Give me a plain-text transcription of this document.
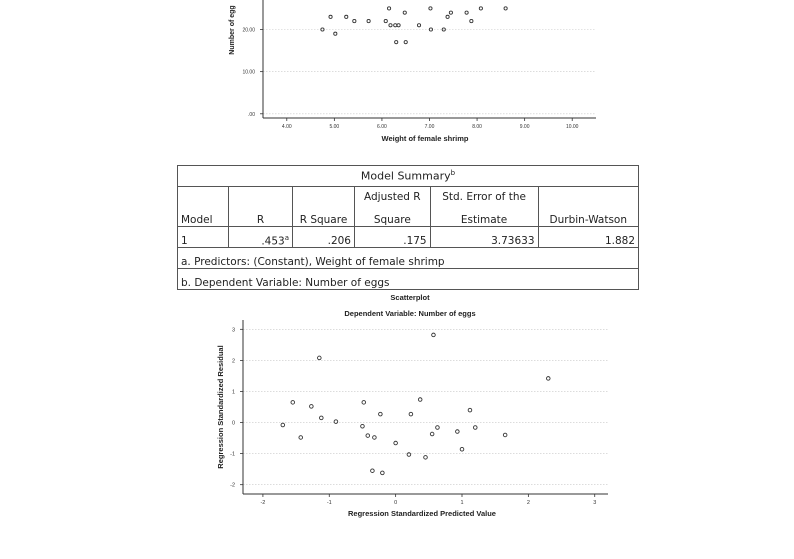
.00
10.00
20.00
4.00	5.00	6.00	7.00	8.00	9.00	10.00
Weight of female shrimp
Number of egg
Model Summary$^b$
Model	R	R Square	Adjusted R	Std. Error of the	Durbin-Watson
			Square	Estimate	
1	.453$^a$	.206	.175	3.73633	1.882
a. Predictors: (Constant), Weight of female shrimp					
b. Dependent Variable: Number of eggs					
Scatterplot
Dependent Variable: Number of eggs
3
2
1
0
-1
-2
-2	-1	0	1	2	3
Regression Standardized Predicted Value
Regression Standardized Residual
